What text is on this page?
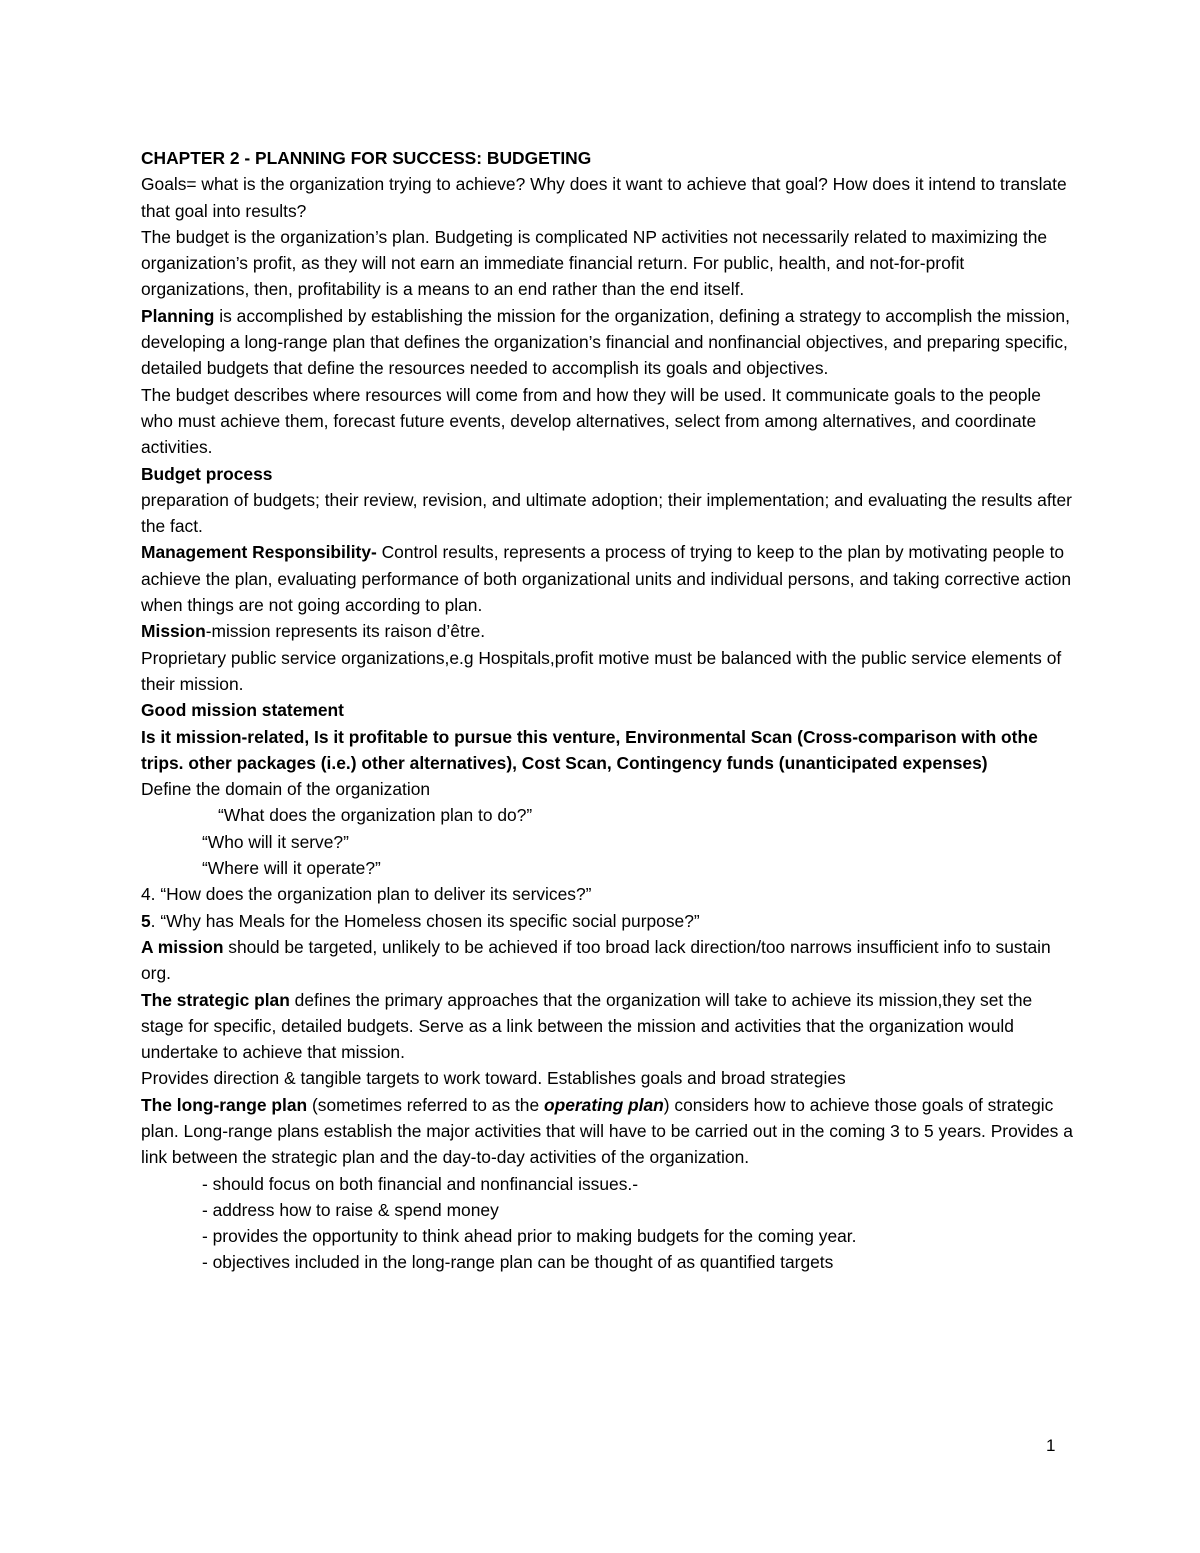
CHAPTER 2 - PLANNING FOR SUCCESS: BUDGETING

Goals= what is the organization trying to achieve? Why does it want to achieve that goal? How does it intend to translate that goal into results?

The budget is the organization’s plan. Budgeting is complicated NP activities not necessarily related to maximizing the organization’s profit, as they will not earn an immediate financial return. For public, health, and not-for-profit organizations, then, profitability is a means to an end rather than the end itself.

Planning is accomplished by establishing the mission for the organization, defining a strategy to accomplish the mission, developing a long-range plan that defines the organization’s financial and nonfinancial objectives, and preparing specific, detailed budgets that define the resources needed to accomplish its goals and objectives.

The budget describes where resources will come from and how they will be used. It communicate goals to the people who must achieve them, forecast future events, develop alternatives, select from among alternatives, and coordinate activities.

Budget process

preparation of budgets; their review, revision, and ultimate adoption; their implementation; and evaluating the results after the fact.

Management Responsibility- Control results, represents a process of trying to keep to the plan by motivating people to achieve the plan, evaluating performance of both organizational units and individual persons, and taking corrective action when things are not going according to plan.

Mission-mission represents its raison d’être.

Proprietary public service organizations,e.g Hospitals,profit motive must be balanced with the public service elements of their mission.

Good mission statement

Is it mission-related, Is it profitable to pursue this venture, Environmental Scan (Cross-comparison with othe trips. other packages (i.e.) other alternatives), Cost Scan, Contingency funds (unanticipated expenses)

Define the domain of the organization

“What does the organization plan to do?”

“Who will it serve?”

“Where will it operate?”

4. “How does the organization plan to deliver its services?”

5. “Why has Meals for the Homeless chosen its specific social purpose?”

A mission should be targeted, unlikely to be achieved if too broad lack direction/too narrows insufficient info to sustain org.

The strategic plan defines the primary approaches that the organization will take to achieve its mission,they set the stage for specific, detailed budgets. Serve as a link between the mission and activities that the organization would undertake to achieve that mission.

Provides direction & tangible targets to work toward. Establishes goals and broad strategies

The long-range plan (sometimes referred to as the operating plan) considers how to achieve those goals of strategic plan. Long-range plans establish the major activities that will have to be carried out in the coming 3 to 5 years. Provides a link between the strategic plan and the day-to-day activities of the organization.

- should focus on both financial and nonfinancial issues.-

- address how to raise & spend money

- provides the opportunity to think ahead prior to making budgets for the coming year.

- objectives included in the long-range plan can be thought of as quantified targets

1
